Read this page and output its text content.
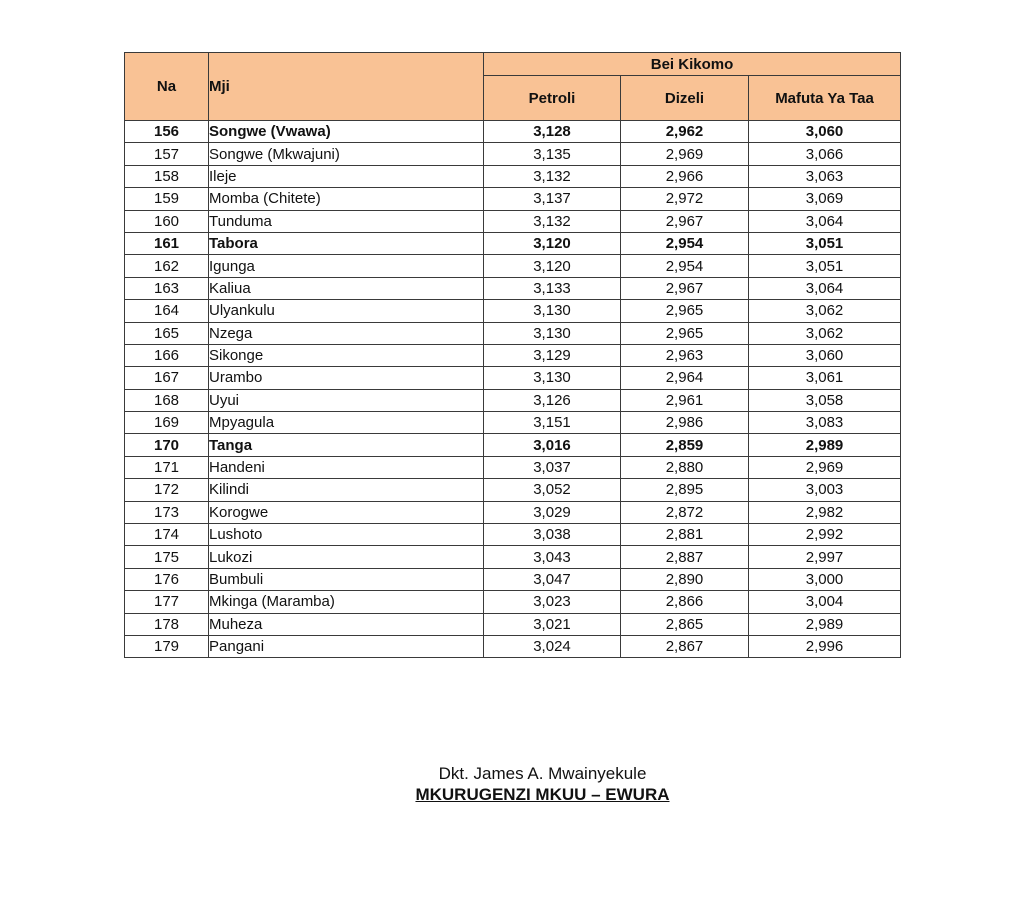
Na	Mji	Bei Kikomo		
		Petroli	Dizeli	Mafuta Ya Taa
156	Songwe (Vwawa)	3,128	2,962	3,060
157	Songwe (Mkwajuni)	3,135	2,969	3,066
158	Ileje	3,132	2,966	3,063
159	Momba (Chitete)	3,137	2,972	3,069
160	Tunduma	3,132	2,967	3,064
161	Tabora	3,120	2,954	3,051
162	Igunga	3,120	2,954	3,051
163	Kaliua	3,133	2,967	3,064
164	Ulyankulu	3,130	2,965	3,062
165	Nzega	3,130	2,965	3,062
166	Sikonge	3,129	2,963	3,060
167	Urambo	3,130	2,964	3,061
168	Uyui	3,126	2,961	3,058
169	Mpyagula	3,151	2,986	3,083
170	Tanga	3,016	2,859	2,989
171	Handeni	3,037	2,880	2,969
172	Kilindi	3,052	2,895	3,003
173	Korogwe	3,029	2,872	2,982
174	Lushoto	3,038	2,881	2,992
175	Lukozi	3,043	2,887	2,997
176	Bumbuli	3,047	2,890	3,000
177	Mkinga (Maramba)	3,023	2,866	3,004
178	Muheza	3,021	2,865	2,989
179	Pangani	3,024	2,867	2,996
Dkt. James A. Mwainyekule
MKURUGENZI MKUU – EWURA
